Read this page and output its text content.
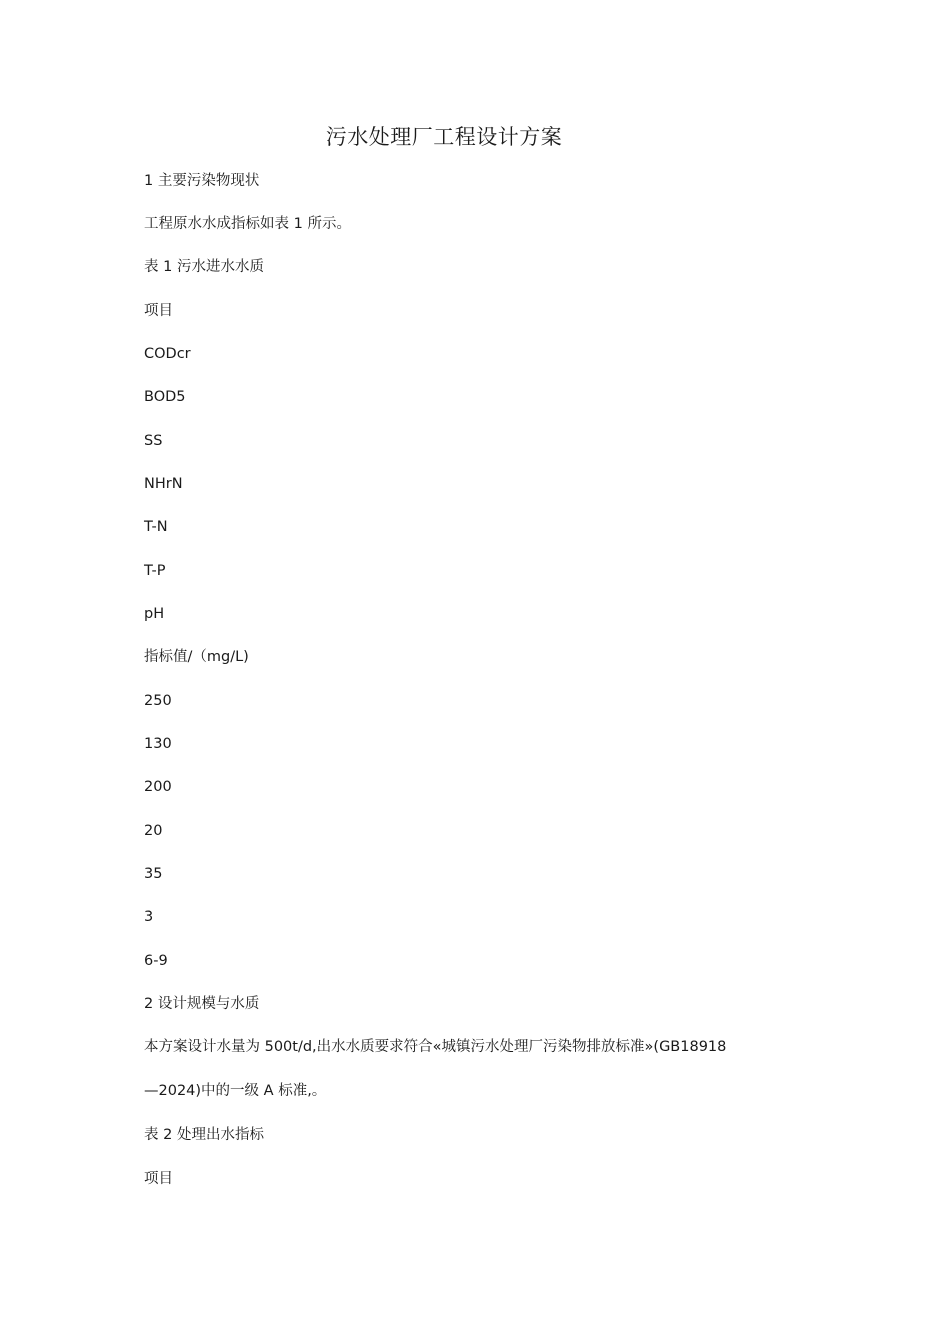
污水处理厂工程设计方案
1 主要污染物现状
工程原水水成指标如表 1 所示。
表 1 污水进水水质
项目
CODcr
BOD5
SS
NHrN
T-N
T-P
pH
指标值/（mg/L)
250
130
200
20
35
3
6-9
2 设计规模与水质
本方案设计水量为 500t/d,出水水质要求符合«城镇污水处理厂污染物排放标准»(GB18918
—2024)中的一级 A 标准,。
表 2 处理出水指标
项目
